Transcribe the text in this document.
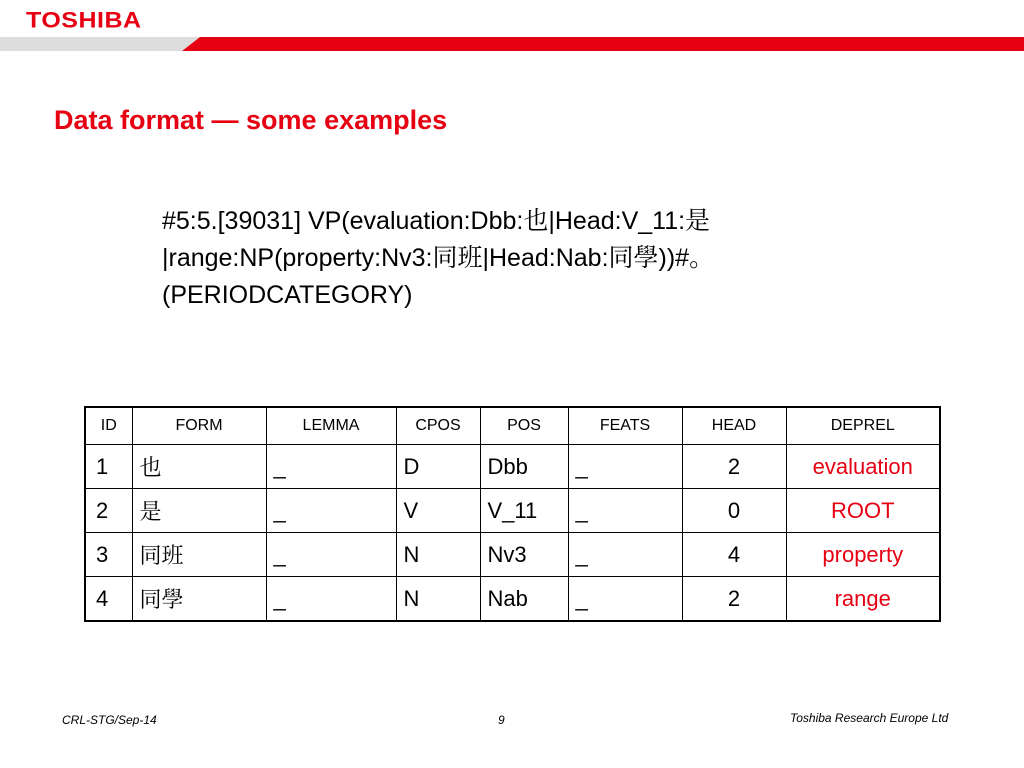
TOSHIBA
Data format — some examples
#5:5.[39031] VP(evaluation:Dbb:也|Head:V_11:是
|range:NP(property:Nv3:同班|Head:Nab:同學))#。
(PERIODCATEGORY)
ID	FORM	LEMMA	CPOS	POS	FEATS	HEAD	DEPREL
1	也	_	D	Dbb	_	2	evaluation
2	是	_	V	V_11	_	0	ROOT
3	同班	_	N	Nv3	_	4	property
4	同學	_	N	Nab	_	2	range
CRL-STG/Sep-14	9	Toshiba Research Europe Ltd
